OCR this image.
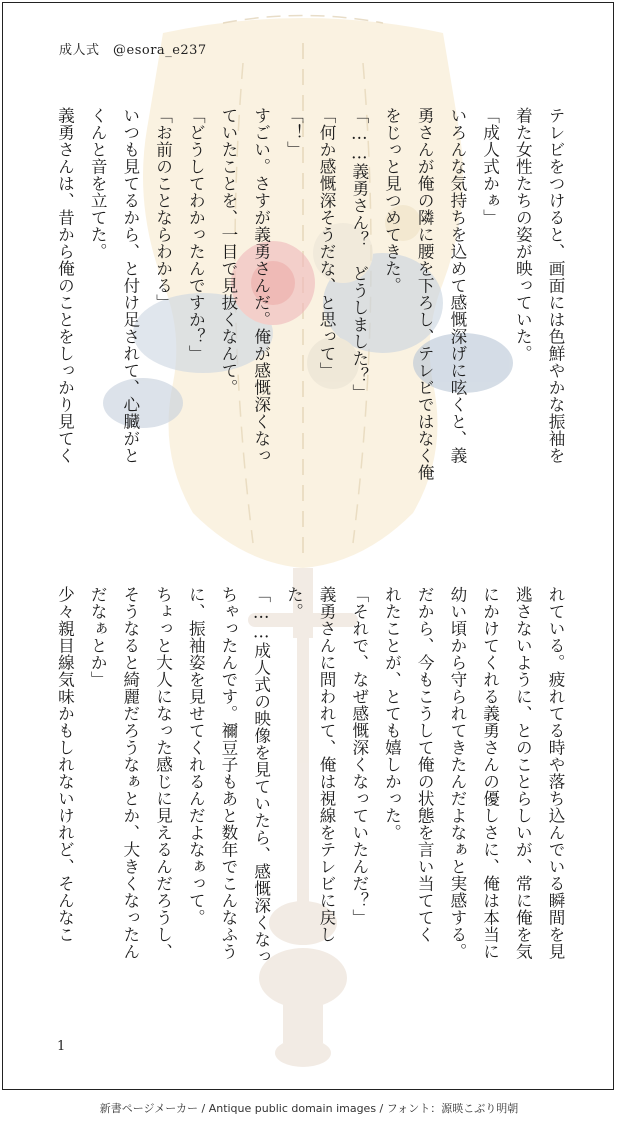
成人式　 @esora_e237
テレビをつけると、画面には色鮮やかな振袖を
着た女性たちの姿が映っていた。
「成人式かぁ」
いろんな気持ちを込めて感慨深げに呟くと、義
勇さんが俺の隣に腰を下ろし、テレビではなく俺
をじっと見つめてきた。
「……義勇さん？　どうしました？」
「何か感慨深そうだな、と思って」
「！」
すごい。さすが義勇さんだ。俺が感慨深くなっ
ていたことを、一目で見抜くなんて。
「どうしてわかったんですか？」
「お前のことならわかる」
いつも見てるから、と付け足されて、心臓がと
くんと音を立てた。
義勇さんは、昔から俺のことをしっかり見てく
れている。疲れてる時や落ち込んでいる瞬間を見
逃さないように、とのことらしいが、常に俺を気
にかけてくれる義勇さんの優しさに、俺は本当に
幼い頃から守られてきたんだよなぁと実感する。
だから、今もこうして俺の状態を言い当ててく
れたことが、とても嬉しかった。
「それで、なぜ感慨深くなっていたんだ？」
義勇さんに問われて、俺は視線をテレビに戻し
た。
「……成人式の映像を見ていたら、感慨深くなっ
ちゃったんです。禰豆子もあと数年でこんなふう
に、振袖姿を見せてくれるんだよなぁって。
ちょっと大人になった感じに見えるんだろうし、
そうなると綺麗だろうなぁとか、大きくなったん
だなぁとか」
少々親目線気味かもしれないけれど、そんなこ
1
新書ページメーカー / Antique public domain images / フォント：源暎こぶり明朝
